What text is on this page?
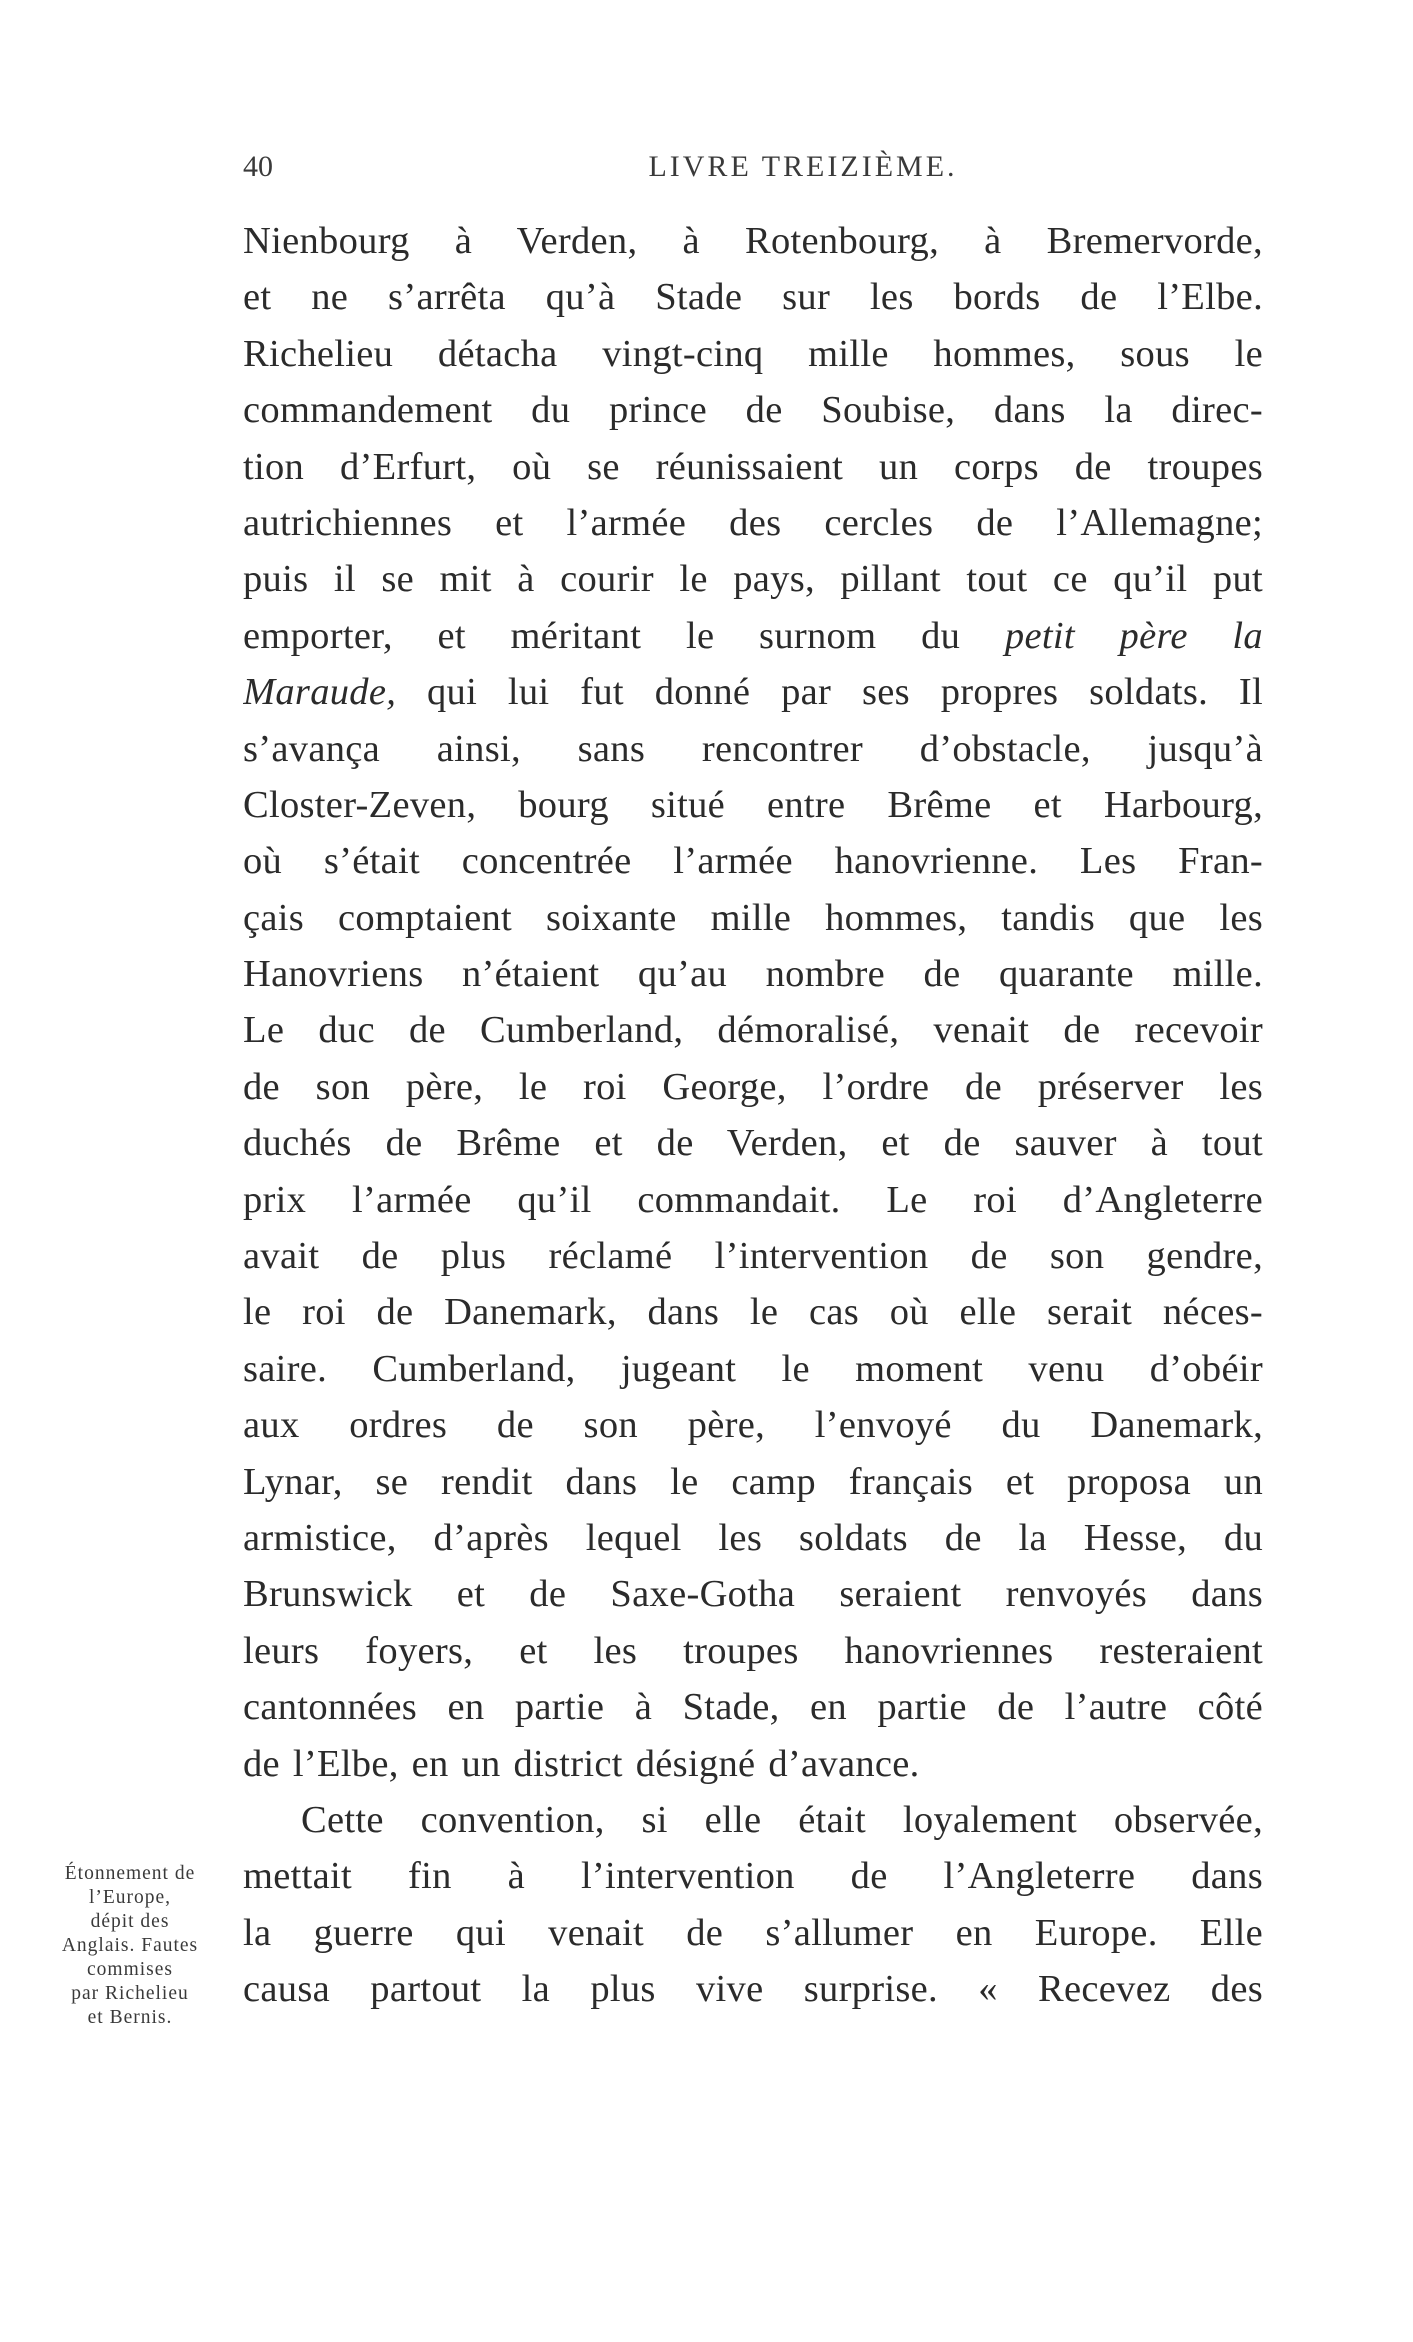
40	LIVRE TREIZIÈME.
Nienbourg à Verden, à Rotenbourg, à Bremervorde,
et ne s’arrêta qu’à Stade sur les bords de l’Elbe.
Richelieu détacha vingt-cinq mille hommes, sous le
commandement du prince de Soubise, dans la direc-
tion d’Erfurt, où se réunissaient un corps de troupes
autrichiennes et l’armée des cercles de l’Allemagne;
puis il se mit à courir le pays, pillant tout ce qu’il put
emporter, et méritant le surnom du petit père la
Maraude, qui lui fut donné par ses propres soldats. Il
s’avança ainsi, sans rencontrer d’obstacle, jusqu’à
Closter-Zeven, bourg situé entre Brême et Harbourg,
où s’était concentrée l’armée hanovrienne. Les Fran-
çais comptaient soixante mille hommes, tandis que les
Hanovriens n’étaient qu’au nombre de quarante mille.
Le duc de Cumberland, démoralisé, venait de recevoir
de son père, le roi George, l’ordre de préserver les
duchés de Brême et de Verden, et de sauver à tout
prix l’armée qu’il commandait. Le roi d’Angleterre
avait de plus réclamé l’intervention de son gendre,
le roi de Danemark, dans le cas où elle serait néces-
saire. Cumberland, jugeant le moment venu d’obéir
aux ordres de son père, l’envoyé du Danemark,
Lynar, se rendit dans le camp français et proposa un
armistice, d’après lequel les soldats de la Hesse, du
Brunswick et de Saxe-Gotha seraient renvoyés dans
leurs foyers, et les troupes hanovriennes resteraient
cantonnées en partie à Stade, en partie de l’autre côté
de l’Elbe, en un district désigné d’avance.
Cette convention, si elle était loyalement observée,
mettait fin à l’intervention de l’Angleterre dans
la guerre qui venait de s’allumer en Europe. Elle
causa partout la plus vive surprise. « Recevez des
Étonnement de
l’Europe,
dépit des
Anglais. Fautes
commises
par Richelieu
et Bernis.
